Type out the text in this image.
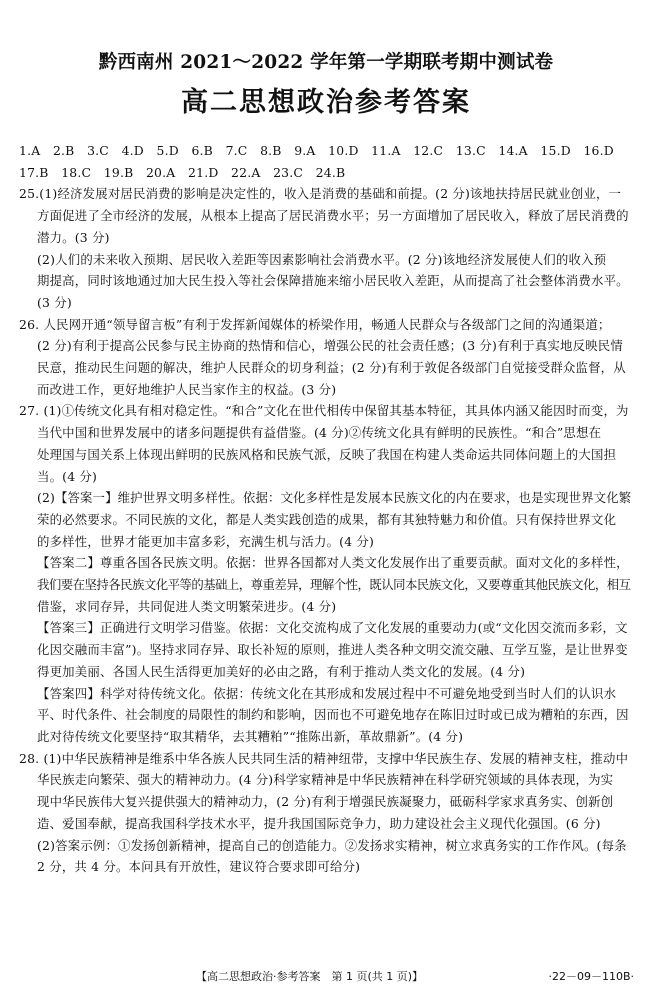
黔西南州 2021～2022 学年第一学期联考期中测试卷
高二思想政治参考答案
1.A　2.B　3.C　4.D　5.D　6.B　7.C　8.B　9.A　10.D　11.A　12.C　13.C　14.A　15.D　16.D
17.B　18.C　19.B　20.A　21.D　22.A　23.C　24.B
25.(1)经济发展对居民消费的影响是决定性的，收入是消费的基础和前提。(2 分)该地扶持居民就业创业，一
方面促进了全市经济的发展，从根本上提高了居民消费水平；另一方面增加了居民收入，释放了居民消费的
潜力。(3 分)
(2)人们的未来收入预期、居民收入差距等因素影响社会消费水平。(2 分)该地经济发展使人们的收入预
期提高，同时该地通过加大民生投入等社会保障措施来缩小居民收入差距，从而提高了社会整体消费水平。
(3 分)
26. 人民网开通“领导留言板”有利于发挥新闻媒体的桥梁作用，畅通人民群众与各级部门之间的沟通渠道；
(2 分)有利于提高公民参与民主协商的热情和信心，增强公民的社会责任感；(3 分)有利于真实地反映民情
民意，推动民生问题的解决，维护人民群众的切身利益；(2 分)有利于敦促各级部门自觉接受群众监督，从
而改进工作，更好地维护人民当家作主的权益。(3 分)
27. (1)①传统文化具有相对稳定性。“和合”文化在世代相传中保留其基本特征，其具体内涵又能因时而变，为
当代中国和世界发展中的诸多问题提供有益借鉴。(4 分)②传统文化具有鲜明的民族性。“和合”思想在
处理国与国关系上体现出鲜明的民族风格和民族气派，反映了我国在构建人类命运共同体问题上的大国担
当。(4 分)
(2)【答案一】维护世界文明多样性。依据：文化多样性是发展本民族文化的内在要求，也是实现世界文化繁
荣的必然要求。不同民族的文化，都是人类实践创造的成果，都有其独特魅力和价值。只有保持世界文化
的多样性，世界才能更加丰富多彩，充满生机与活力。(4 分)
【答案二】尊重各国各民族文明。依据：世界各国都对人类文化发展作出了重要贡献。面对文化的多样性，
我们要在坚持各民族文化平等的基础上，尊重差异，理解个性，既认同本民族文化，又要尊重其他民族文化，相互
借鉴，求同存异，共同促进人类文明繁荣进步。(4 分)
【答案三】正确进行文明学习借鉴。依据：文化交流构成了文化发展的重要动力(或“文化因交流而多彩，文
化因交融而丰富”)。坚持求同存异、取长补短的原则，推进人类各种文明交流交融、互学互鉴，是让世界变
得更加美丽、各国人民生活得更加美好的必由之路，有利于推动人类文化的发展。(4 分)
【答案四】科学对待传统文化。依据：传统文化在其形成和发展过程中不可避免地受到当时人们的认识水
平、时代条件、社会制度的局限性的制约和影响，因而也不可避免地存在陈旧过时或已成为糟粕的东西，因
此对待传统文化要坚持“取其精华，去其糟粕”“推陈出新，革故鼎新”。(4 分)
28. (1)中华民族精神是维系中华各族人民共同生活的精神纽带，支撑中华民族生存、发展的精神支柱，推动中
华民族走向繁荣、强大的精神动力。(4 分)科学家精神是中华民族精神在科学研究领域的具体表现，为实
现中华民族伟大复兴提供强大的精神动力，(2 分)有利于增强民族凝聚力，砥砺科学家求真务实、创新创
造、爱国奉献，提高我国科学技术水平，提升我国国际竞争力，助力建设社会主义现代化强国。(6 分)
(2)答案示例：①发扬创新精神，提高自己的创造能力。②发扬求实精神，树立求真务实的工作作风。(每条
2 分，共 4 分。本问具有开放性，建议符合要求即可给分)
【高二思想政治·参考答案　第 1 页(共 1 页)】	·22－09－110B·
